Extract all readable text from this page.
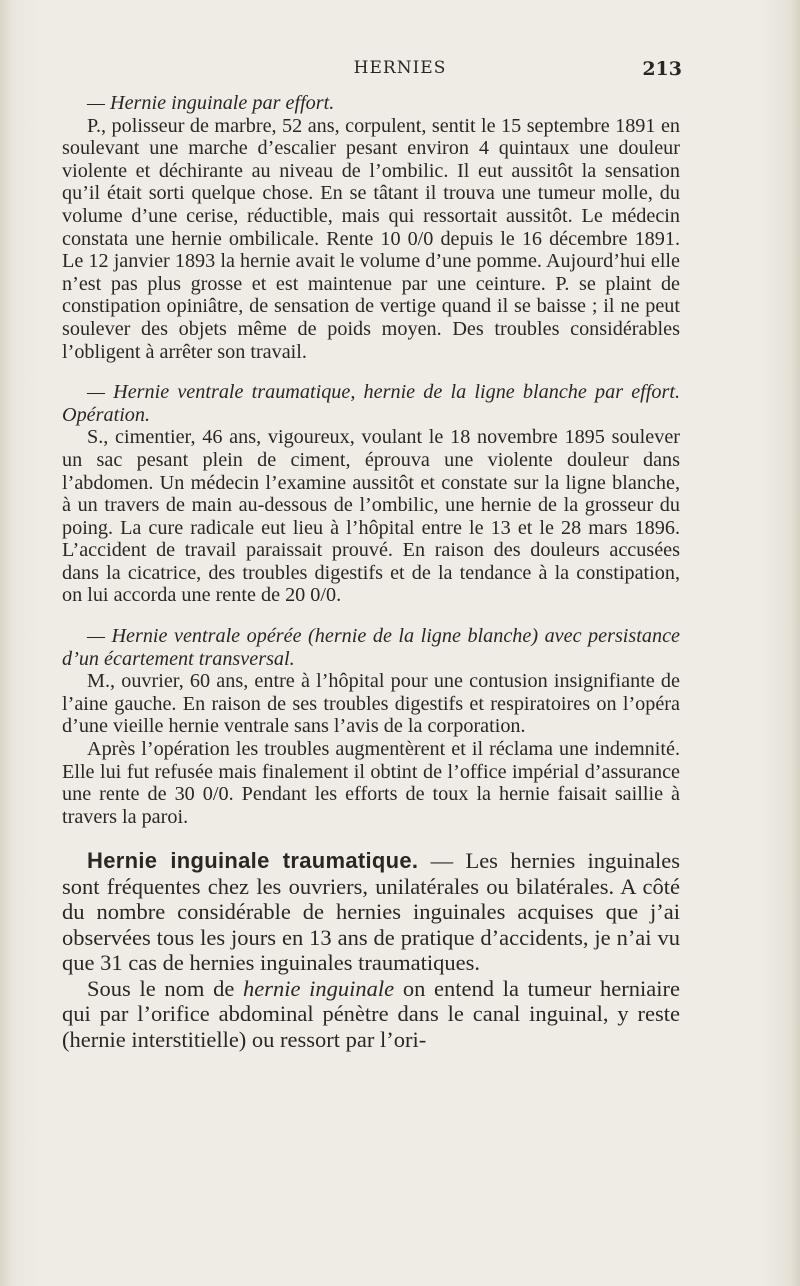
HERNIES	213

— Hernie inguinale par effort.

P., polisseur de marbre, 52 ans, corpulent, sentit le 15 septembre 1891 en soulevant une marche d’escalier pesant environ 4 quintaux une douleur violente et déchirante au niveau de l’ombilic. Il eut aussitôt la sensation qu’il était sorti quelque chose. En se tâtant il trouva une tumeur molle, du volume d’une cerise, réductible, mais qui ressortait aussitôt. Le médecin constata une hernie ombilicale. Rente 10 0/0 depuis le 16 décembre 1891. Le 12 janvier 1893 la hernie avait le volume d’une pomme. Aujourd’hui elle n’est pas plus grosse et est maintenue par une ceinture. P. se plaint de constipation opiniâtre, de sensation de vertige quand il se baisse ; il ne peut soulever des objets même de poids moyen. Des troubles considérables l’obligent à arrêter son travail.

— Hernie ventrale traumatique, hernie de la ligne blanche par effort. Opération.

S., cimentier, 46 ans, vigoureux, voulant le 18 novembre 1895 soulever un sac pesant plein de ciment, éprouva une violente douleur dans l’abdomen. Un médecin l’examine aussitôt et constate sur la ligne blanche, à un travers de main au-dessous de l’ombilic, une hernie de la grosseur du poing. La cure radicale eut lieu à l’hôpital entre le 13 et le 28 mars 1896. L’accident de travail paraissait prouvé. En raison des douleurs accusées dans la cicatrice, des troubles digestifs et de la tendance à la constipation, on lui accorda une rente de 20 0/0.

— Hernie ventrale opérée (hernie de la ligne blanche) avec persistance d’un écartement transversal.

M., ouvrier, 60 ans, entre à l’hôpital pour une contusion insignifiante de l’aine gauche. En raison de ses troubles digestifs et respiratoires on l’opéra d’une vieille hernie ventrale sans l’avis de la corporation.

Après l’opération les troubles augmentèrent et il réclama une indemnité. Elle lui fut refusée mais finalement il obtint de l’office impérial d’assurance une rente de 30 0/0. Pendant les efforts de toux la hernie faisait saillie à travers la paroi.

Hernie inguinale traumatique. — Les hernies inguinales sont fréquentes chez les ouvriers, unilatérales ou bilatérales. A côté du nombre considérable de hernies inguinales acquises que j’ai observées tous les jours en 13 ans de pratique d’accidents, je n’ai vu que 31 cas de hernies inguinales traumatiques.

Sous le nom de hernie inguinale on entend la tumeur herniaire qui par l’orifice abdominal pénètre dans le canal inguinal, y reste (hernie interstitielle) ou ressort par l’ori-
